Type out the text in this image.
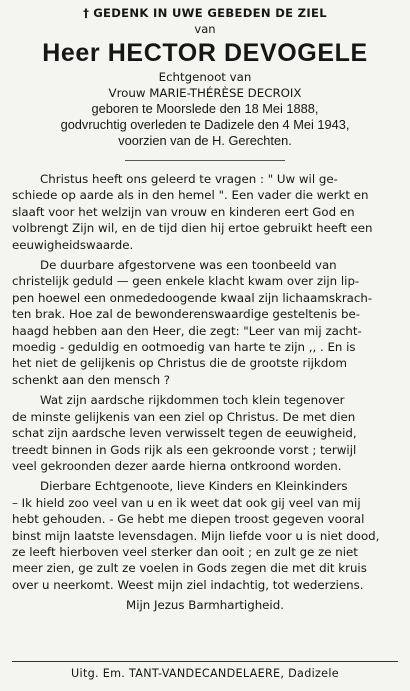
† GEDENK IN UWE GEBEDEN DE ZIEL
van
Heer HECTOR DEVOGELE
Echtgenoot van
Vrouw MARIE-THÉRÈSE DECROIX
geboren te Moorslede den 18 Mei 1888,
godvruchtig overleden te Dadizele den 4 Mei 1943,
voorzien van de H. Gerechten.

Christus heeft ons geleerd te vragen : " Uw wil ge-
schiede op aarde als in den hemel ". Een vader die werkt en
slaaft voor het welzijn van vrouw en kinderen eert God en
volbrengt Zijn wil, en de tijd dien hij ertoe gebruikt heeft een
eeuwigheidswaarde.

De duurbare afgestorvene was een toonbeeld van
christelijk geduld — geen enkele klacht kwam over zijn lip-
pen hoewel een onmededoogende kwaal zijn lichaamskrach-
ten brak. Hoe zal de bewonderenswaardige gesteltenis be-
haagd hebben aan den Heer, die zegt: "Leer van mij zacht-
moedig - geduldig en ootmoedig van harte te zijn ,, . En is
het niet de gelijkenis op Christus die de grootste rijkdom
schenkt aan den mensch ?

Wat zijn aardsche rijkdommen toch klein tegenover
de minste gelijkenis van een ziel op Christus. De met dien
schat zijn aardsche leven verwisselt tegen de eeuwigheid,
treedt binnen in Gods rijk als een gekroonde vorst ; terwijl
veel gekroonden dezer aarde hierna ontkroond worden.

Dierbare Echtgenoote, lieve Kinders en Kleinkinders
– Ik hield zoo veel van u en ik weet dat ook gij veel van mij
hebt gehouden. - Ge hebt me diepen troost gegeven vooral
binst mijn laatste levensdagen. Mijn liefde voor u is niet dood,
ze leeft hierboven veel sterker dan ooit ; en zult ge ze niet
meer zien, ge zult ze voelen in Gods zegen die met dit kruis
over u neerkomt. Weest mijn ziel indachtig, tot wederziens.

Mijn Jezus Barmhartigheid.
Uitg. Em. TANT-VANDECANDELAERE, Dadizele
